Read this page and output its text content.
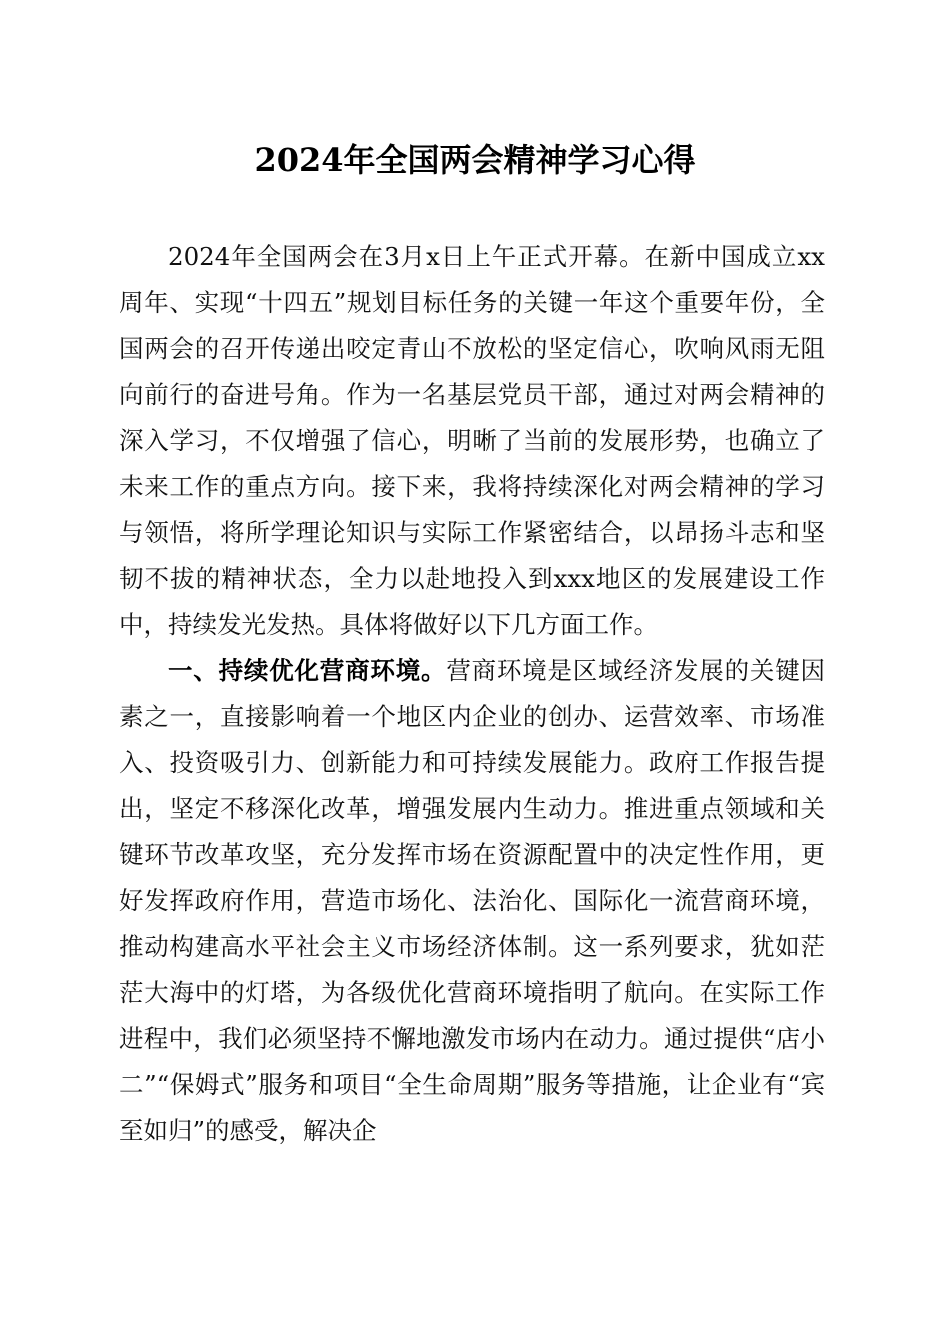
2024年全国两会精神学习心得

2024年全国两会在3月x日上午正式开幕。在新中国成立xx周年、实现“十四五”规划目标任务的关键一年这个重要年份，全国两会的召开传递出咬定青山不放松的坚定信心，吹响风雨无阻向前行的奋进号角。作为一名基层党员干部，通过对两会精神的深入学习，不仅增强了信心，明晰了当前的发展形势，也确立了未来工作的重点方向。接下来，我将持续深化对两会精神的学习与领悟，将所学理论知识与实际工作紧密结合，以昂扬斗志和坚韧不拔的精神状态，全力以赴地投入到xxx地区的发展建设工作中，持续发光发热。具体将做好以下几方面工作。

一、持续优化营商环境。营商环境是区域经济发展的关键因素之一，直接影响着一个地区内企业的创办、运营效率、市场准入、投资吸引力、创新能力和可持续发展能力。政府工作报告提出，坚定不移深化改革，增强发展内生动力。推进重点领域和关键环节改革攻坚，充分发挥市场在资源配置中的决定性作用，更好发挥政府作用，营造市场化、法治化、国际化一流营商环境，推动构建高水平社会主义市场经济体制。这一系列要求，犹如茫茫大海中的灯塔，为各级优化营商环境指明了航向。在实际工作进程中，我们必须坚持不懈地激发市场内在动力。通过提供“店小二”“保姆式”服务和项目“全生命周期”服务等措施，让企业有“宾至如归”的感受，解决企
